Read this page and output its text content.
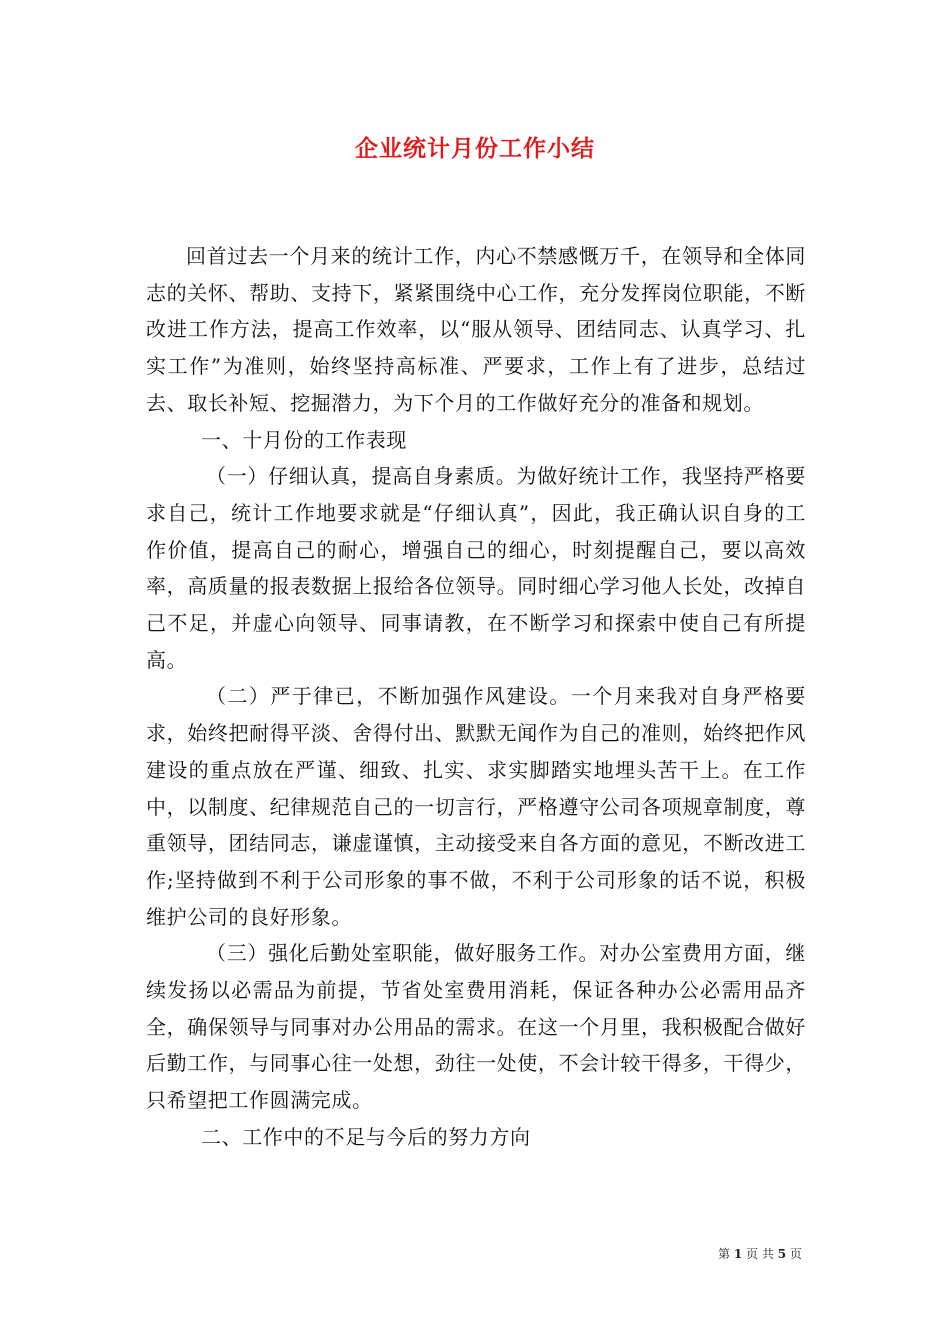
企业统计月份工作小结

回首过去一个月来的统计工作，内心不禁感慨万千，在领导和全体同志的关怀、帮助、支持下，紧紧围绕中心工作，充分发挥岗位职能，不断改进工作方法，提高工作效率，以“服从领导、团结同志、认真学习、扎实工作”为准则，始终坚持高标准、严要求，工作上有了进步，总结过去、取长补短、挖掘潜力，为下个月的工作做好充分的准备和规划。

一、十月份的工作表现

（一）仔细认真，提高自身素质。为做好统计工作，我坚持严格要求自己，统计工作地要求就是“仔细认真”，因此，我正确认识自身的工作价值，提高自己的耐心，增强自己的细心，时刻提醒自己，要以高效率，高质量的报表数据上报给各位领导。同时细心学习他人长处，改掉自己不足，并虚心向领导、同事请教，在不断学习和探索中使自己有所提高。

（二）严于律已，不断加强作风建设。一个月来我对自身严格要求，始终把耐得平淡、舍得付出、默默无闻作为自己的准则，始终把作风建设的重点放在严谨、细致、扎实、求实脚踏实地埋头苦干上。在工作中，以制度、纪律规范自己的一切言行，严格遵守公司各项规章制度，尊重领导，团结同志，谦虚谨慎，主动接受来自各方面的意见，不断改进工作;坚持做到不利于公司形象的事不做，不利于公司形象的话不说，积极维护公司的良好形象。

（三）强化后勤处室职能，做好服务工作。对办公室费用方面，继续发扬以必需品为前提，节省处室费用消耗，保证各种办公必需用品齐全，确保领导与同事对办公用品的需求。在这一个月里，我积极配合做好后勤工作，与同事心往一处想，劲往一处使，不会计较干得多，干得少，只希望把工作圆满完成。

二、工作中的不足与今后的努力方向

第 1 页 共 5 页
